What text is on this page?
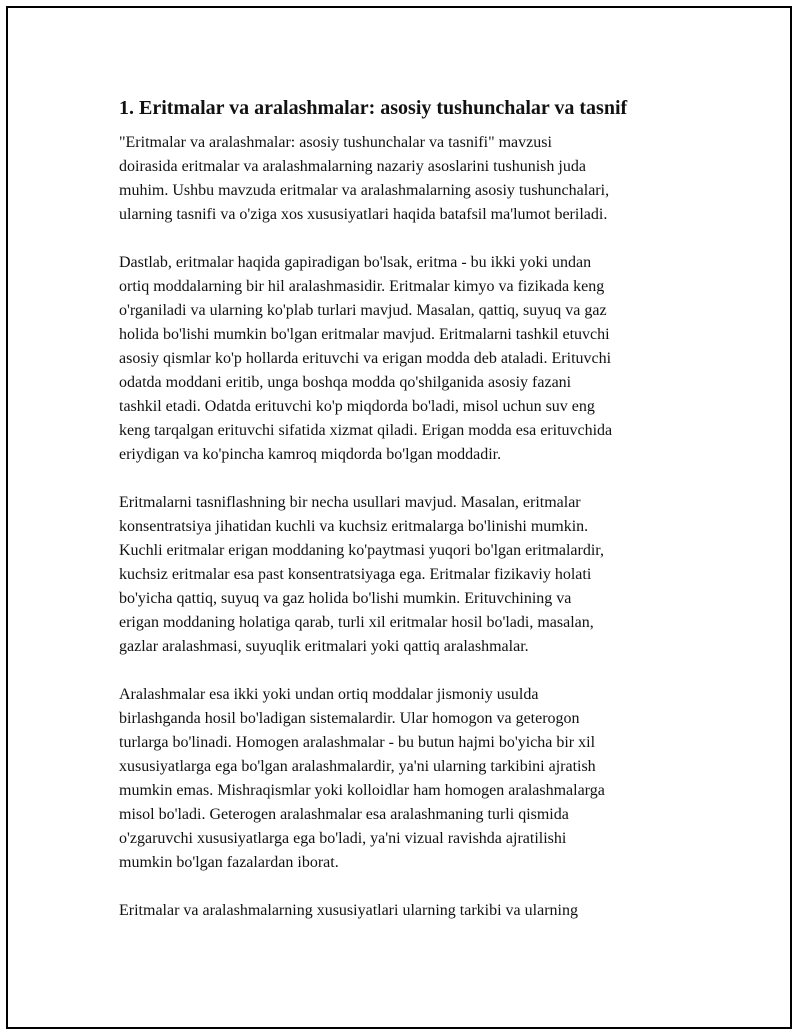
1. Eritmalar va aralashmalar: asosiy tushunchalar va tasnif

"Eritmalar va aralashmalar: asosiy tushunchalar va tasnifi" mavzusi
doirasida eritmalar va aralashmalarning nazariy asoslarini tushunish juda
muhim. Ushbu mavzuda eritmalar va aralashmalarning asosiy tushunchalari,
ularning tasnifi va o'ziga xos xususiyatlari haqida batafsil ma'lumot beriladi.

Dastlab, eritmalar haqida gapiradigan bo'lsak, eritma - bu ikki yoki undan
ortiq moddalarning bir hil aralashmasidir. Eritmalar kimyo va fizikada keng
o'rganiladi va ularning ko'plab turlari mavjud. Masalan, qattiq, suyuq va gaz
holida bo'lishi mumkin bo'lgan eritmalar mavjud. Eritmalarni tashkil etuvchi
asosiy qismlar ko'p hollarda erituvchi va erigan modda deb ataladi. Erituvchi
odatda moddani eritib, unga boshqa modda qo'shilganida asosiy fazani
tashkil etadi. Odatda erituvchi ko'p miqdorda bo'ladi, misol uchun suv eng
keng tarqalgan erituvchi sifatida xizmat qiladi. Erigan modda esa erituvchida
eriydigan va ko'pincha kamroq miqdorda bo'lgan moddadir.

Eritmalarni tasniflashning bir necha usullari mavjud. Masalan, eritmalar
konsentratsiya jihatidan kuchli va kuchsiz eritmalarga bo'linishi mumkin.
Kuchli eritmalar erigan moddaning ko'paytmasi yuqori bo'lgan eritmalardir,
kuchsiz eritmalar esa past konsentratsiyaga ega. Eritmalar fizikaviy holati
bo'yicha qattiq, suyuq va gaz holida bo'lishi mumkin. Erituvchining va
erigan moddaning holatiga qarab, turli xil eritmalar hosil bo'ladi, masalan,
gazlar aralashmasi, suyuqlik eritmalari yoki qattiq aralashmalar.

Aralashmalar esa ikki yoki undan ortiq moddalar jismoniy usulda
birlashganda hosil bo'ladigan sistemalardir. Ular homogon va geterogon
turlarga bo'linadi. Homogen aralashmalar - bu butun hajmi bo'yicha bir xil
xususiyatlarga ega bo'lgan aralashmalardir, ya'ni ularning tarkibini ajratish
mumkin emas. Mishraqismlar yoki kolloidlar ham homogen aralashmalarga
misol bo'ladi. Geterogen aralashmalar esa aralashmaning turli qismida
o'zgaruvchi xususiyatlarga ega bo'ladi, ya'ni vizual ravishda ajratilishi
mumkin bo'lgan fazalardan iborat.

Eritmalar va aralashmalarning xususiyatlari ularning tarkibi va ularning
